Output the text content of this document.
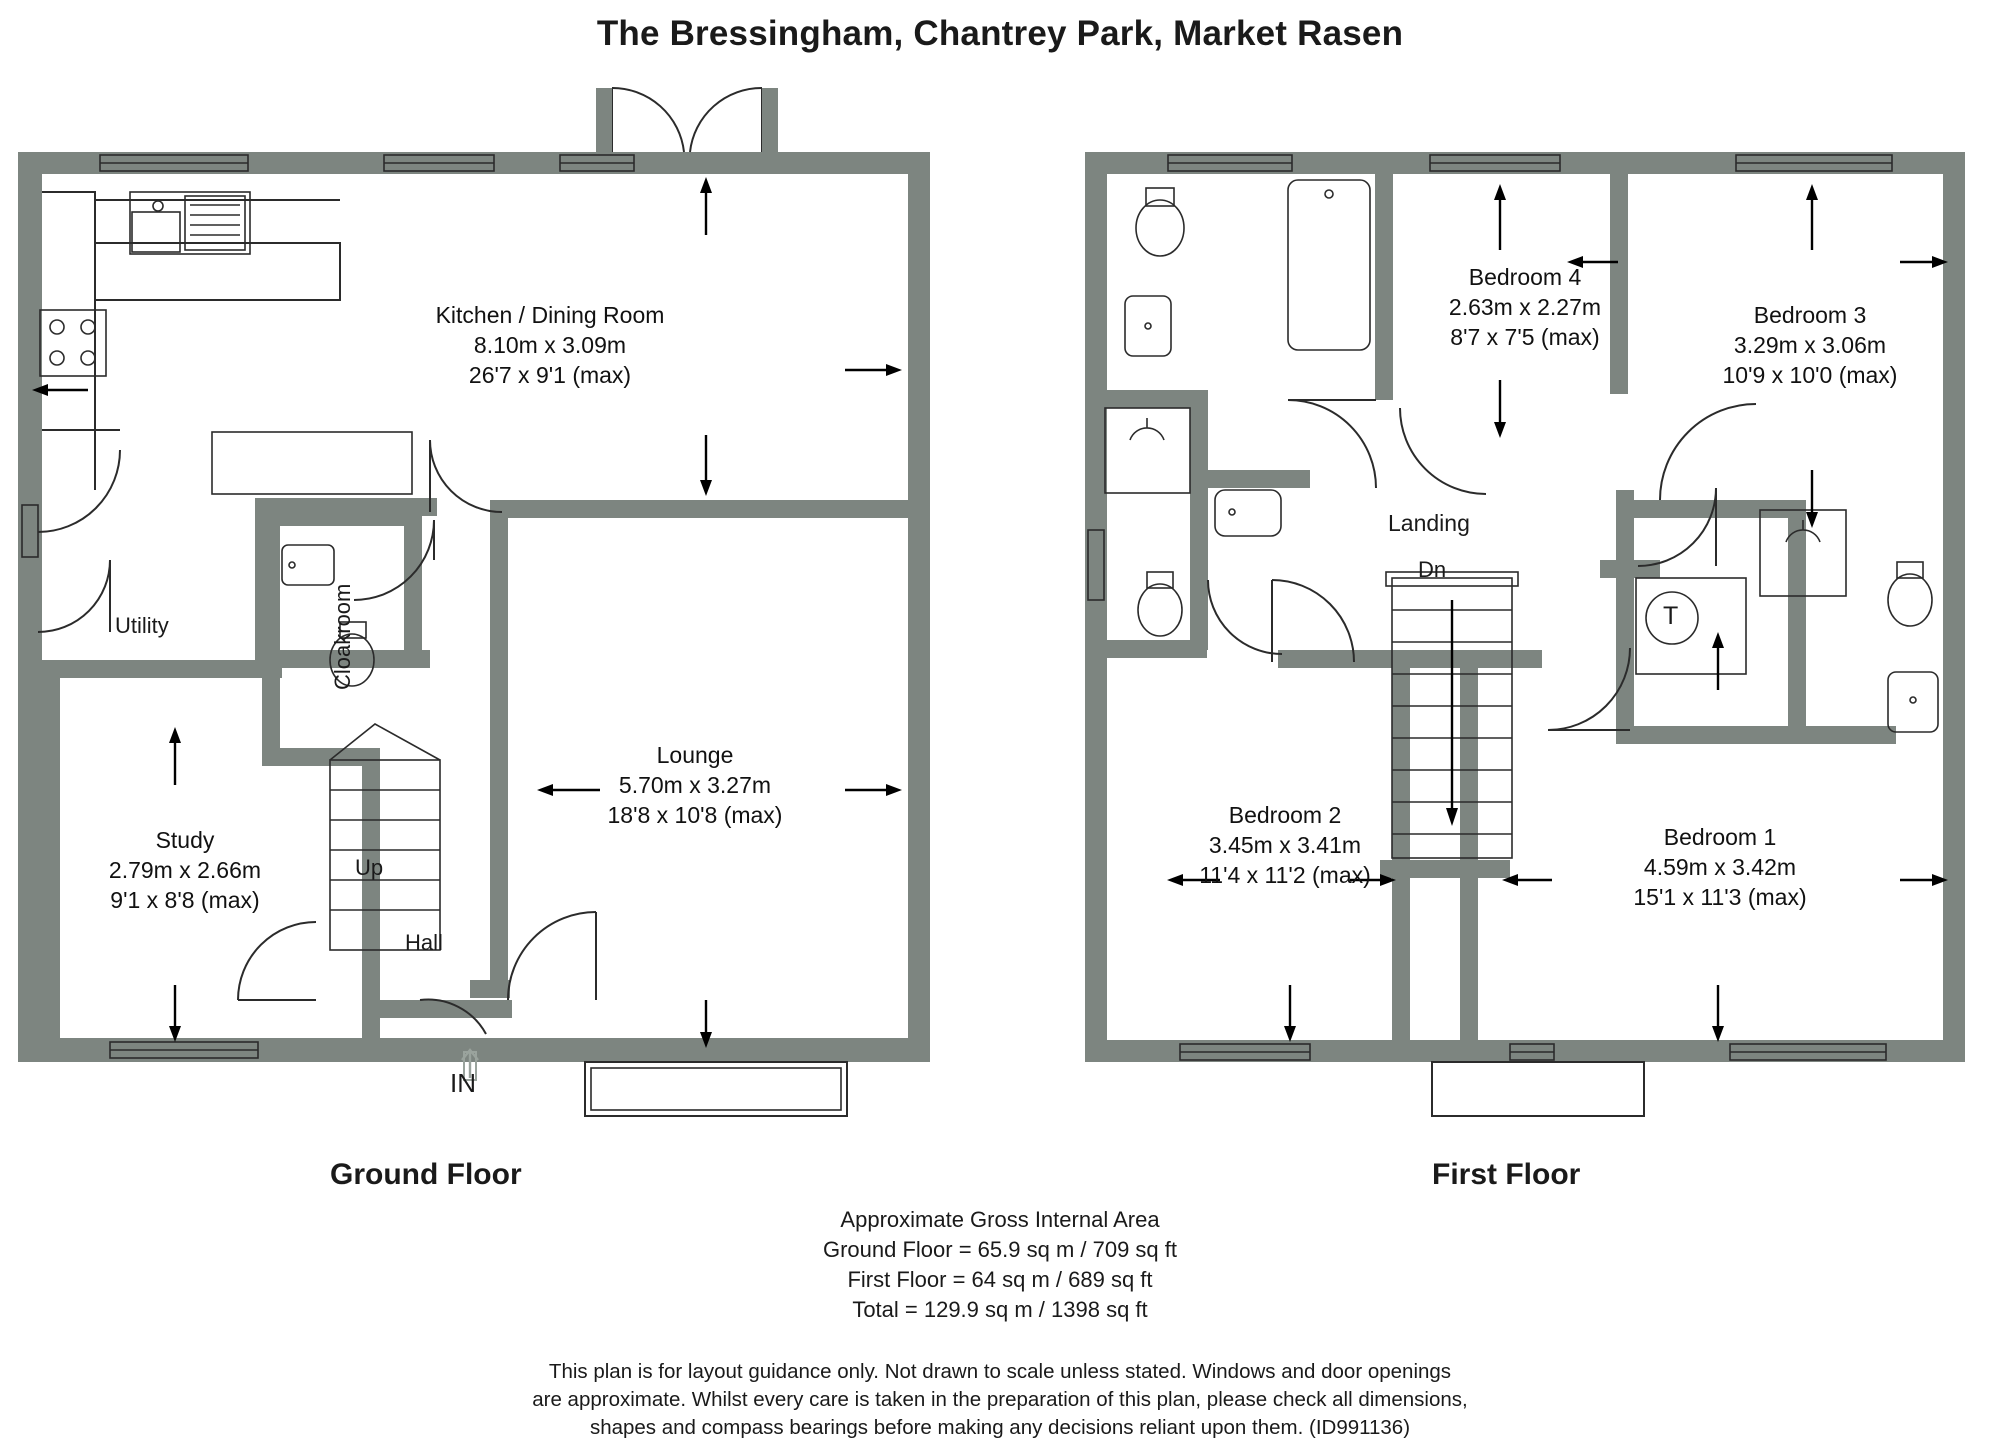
The Bressingham, Chantrey Park, Market Rasen
Kitchen / Dining Room
8.10m x 3.09m
26'7 x 9'1 (max)
Lounge
5.70m x 3.27m
18'8 x 10'8 (max)
Study
2.79m x 2.66m
9'1 x 8'8 (max)
Utility	Cloakroom
Hall
Up
IN
Ground Floor
Bedroom 4
2.63m x 2.27m
8'7 x 7'5 (max)
Bedroom 3
3.29m x 3.06m
10'9 x 10'0 (max)
Bedroom 2
3.45m x 3.41m
11'4 x 11'2 (max)
Bedroom 1
4.59m x 3.42m
15'1 x 11'3 (max)
Landing
Dn
T
First Floor
Approximate Gross Internal Area
Ground Floor = 65.9 sq m / 709 sq ft
First Floor = 64 sq m / 689 sq ft
Total = 129.9 sq m / 1398 sq ft
This plan is for layout guidance only. Not drawn to scale unless stated. Windows and door openings
are approximate. Whilst every care is taken in the preparation of this plan, please check all dimensions,
shapes and compass bearings before making any decisions reliant upon them. (ID991136)
